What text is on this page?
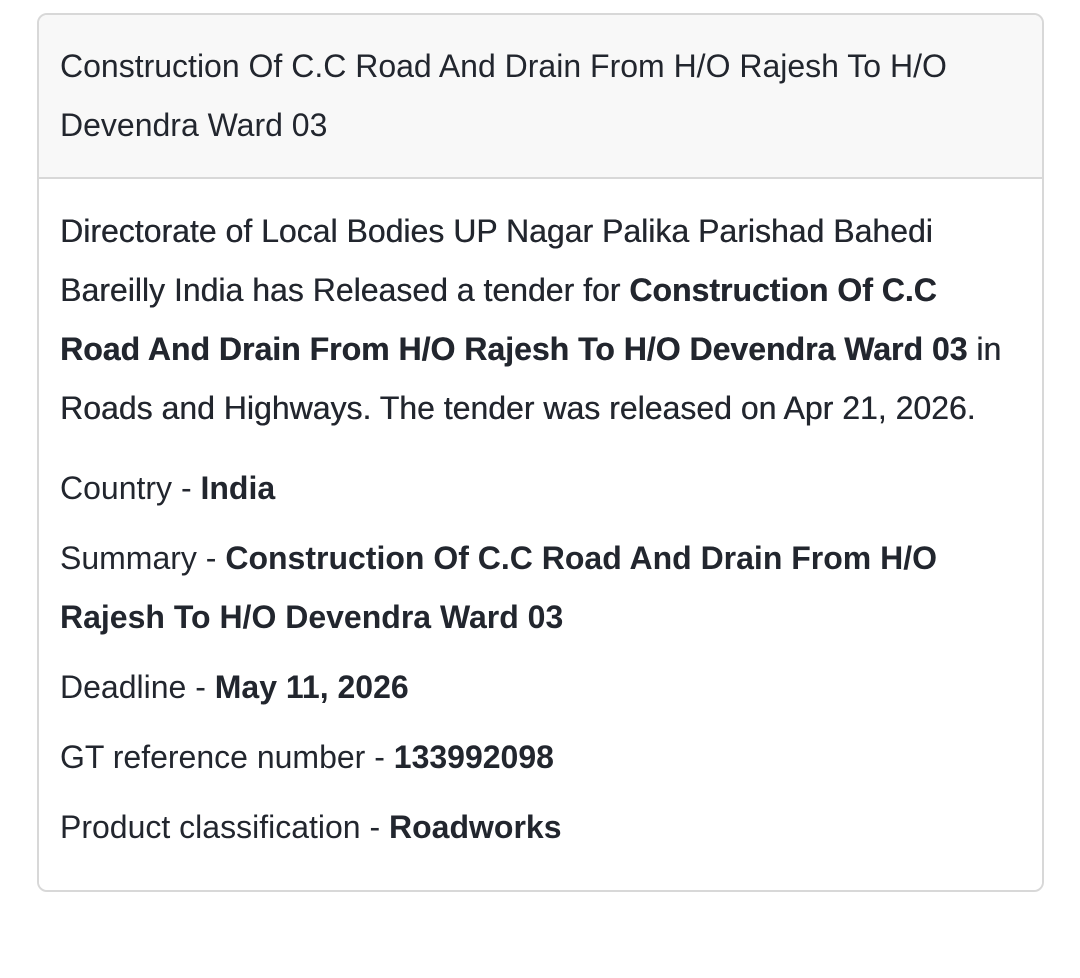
Construction Of C.C Road And Drain From H/O Rajesh To H/O Devendra Ward 03

Directorate of Local Bodies UP Nagar Palika Parishad Bahedi Bareilly India has Released a tender for Construction Of C.C Road And Drain From H/O Rajesh To H/O Devendra Ward 03 in Roads and Highways. The tender was released on Apr 21, 2026.

Country - India

Summary - Construction Of C.C Road And Drain From H/O Rajesh To H/O Devendra Ward 03

Deadline - May 11, 2026

GT reference number - 133992098

Product classification - Roadworks
